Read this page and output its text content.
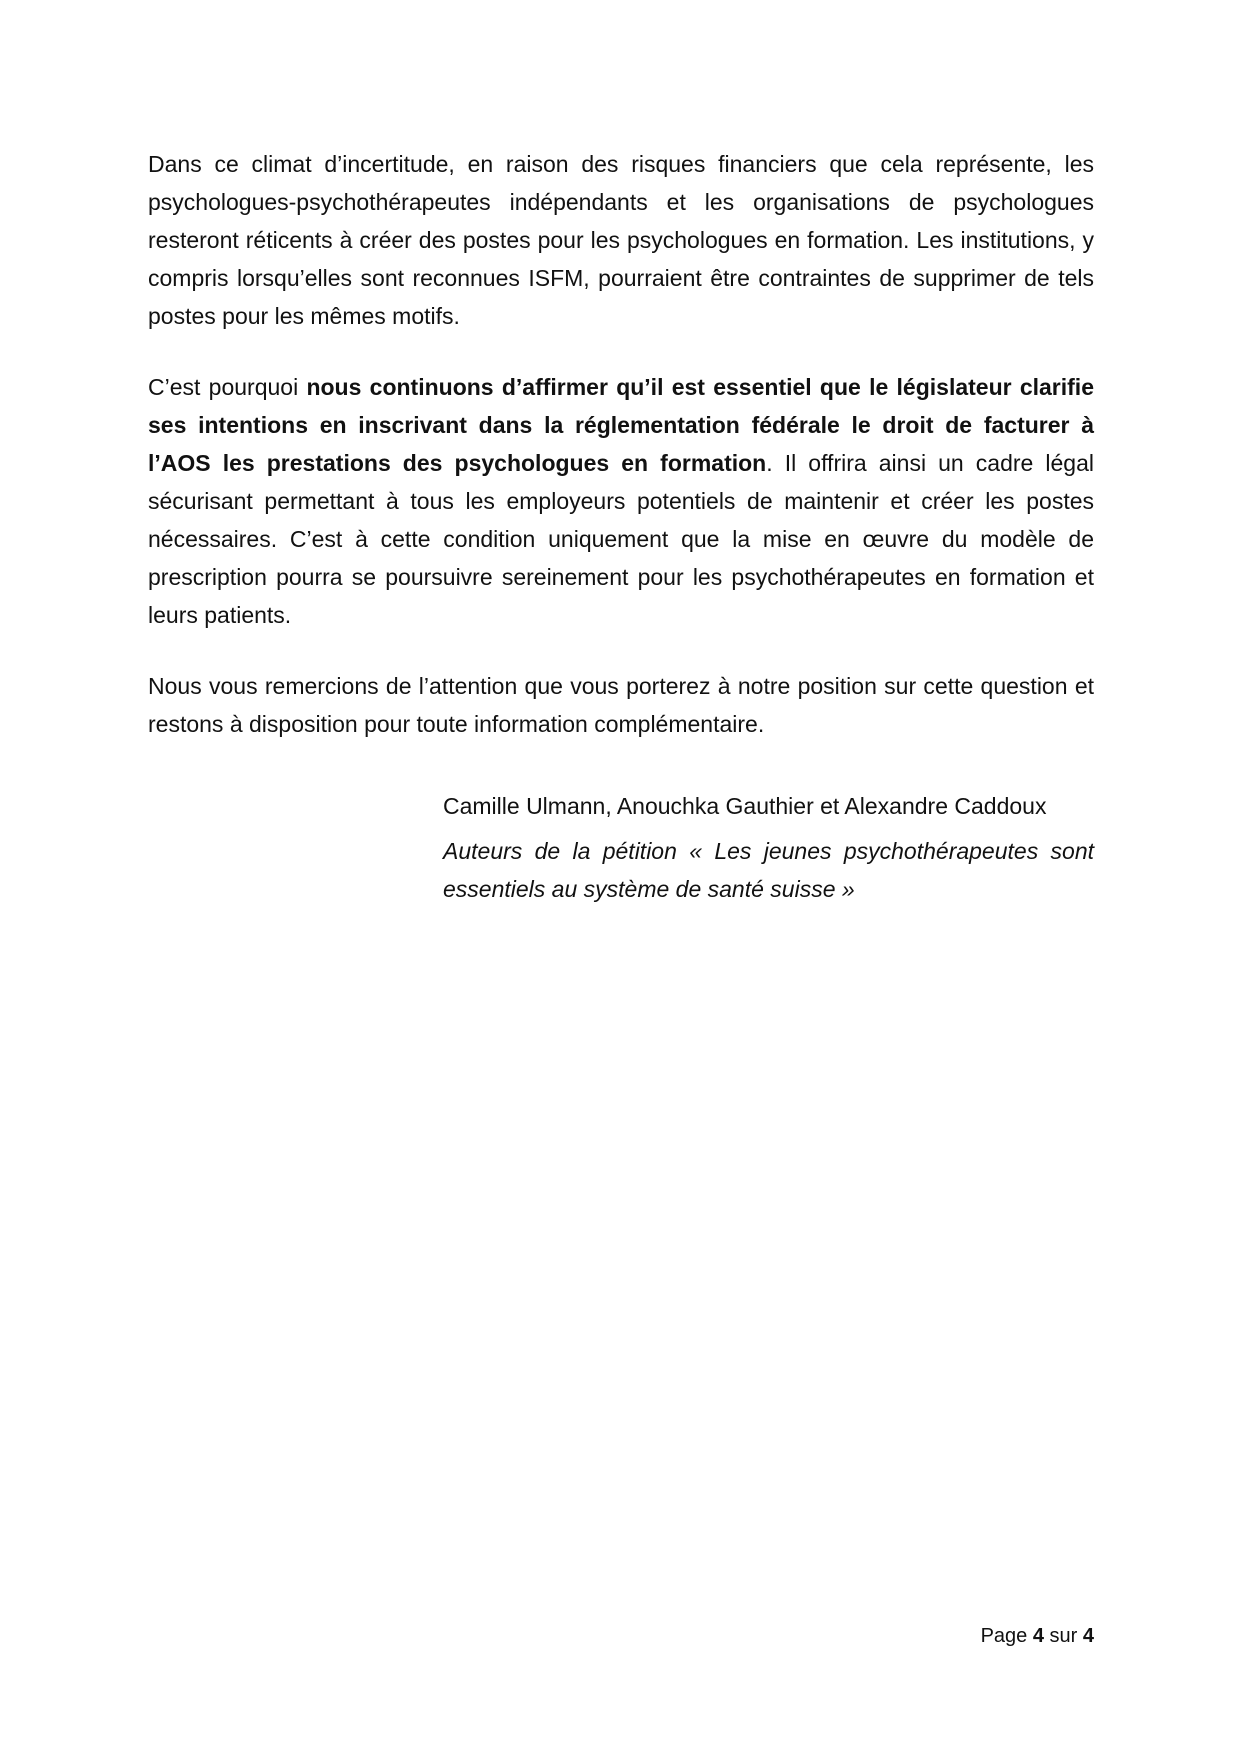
Dans ce climat d’incertitude, en raison des risques financiers que cela représente, les psychologues-psychothérapeutes indépendants et les organisations de psychologues resteront réticents à créer des postes pour les psychologues en formation. Les institutions, y compris lorsqu’elles sont reconnues ISFM, pourraient être contraintes de supprimer de tels postes pour les mêmes motifs.

C’est pourquoi nous continuons d’affirmer qu’il est essentiel que le législateur clarifie ses intentions en inscrivant dans la réglementation fédérale le droit de facturer à l’AOS les prestations des psychologues en formation. Il offrira ainsi un cadre légal sécurisant permettant à tous les employeurs potentiels de maintenir et créer les postes nécessaires. C’est à cette condition uniquement que la mise en œuvre du modèle de prescription pourra se poursuivre sereinement pour les psychothérapeutes en formation et leurs patients.

Nous vous remercions de l’attention que vous porterez à notre position sur cette question et restons à disposition pour toute information complémentaire.

Camille Ulmann, Anouchka Gauthier et Alexandre Caddoux

Auteurs de la pétition « Les jeunes psychothérapeutes sont essentiels au système de santé suisse »

Page 4 sur 4
